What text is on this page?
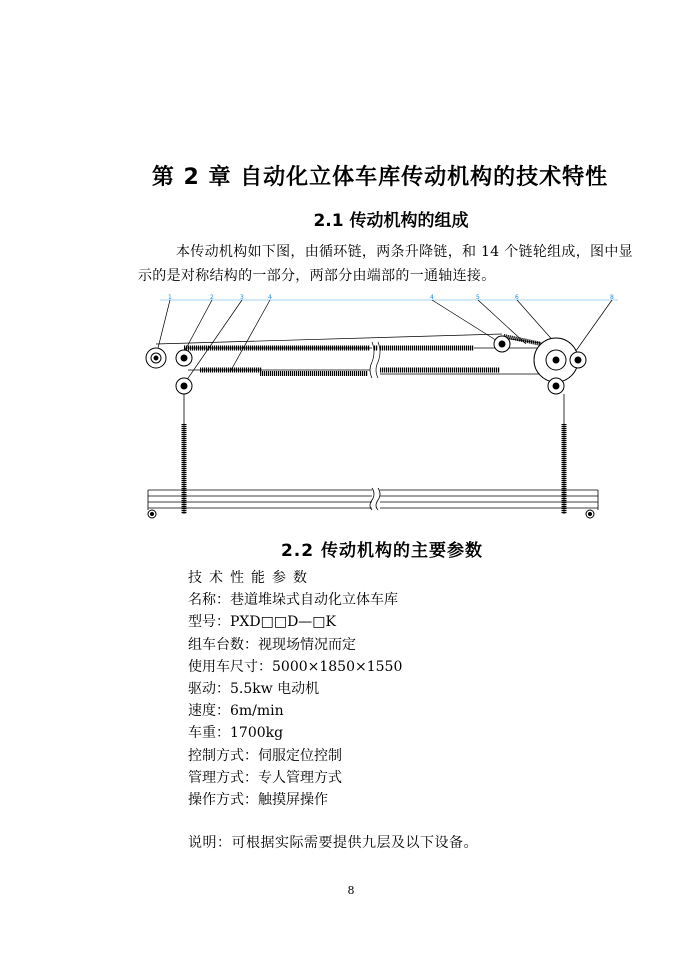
第 2 章 自动化立体车库传动机构的技术特性
2.1 传动机构的组成

本传动机构如下图，由循环链，两条升降链，和 14 个链轮组成，图中显示的是对称结构的一部分，两部分由端部的一通轴连接。

1	2	3	4	4	5	6	8
2.2 传动机构的主要参数
技术性能参数
名称：巷道堆垛式自动化立体车库
型号：PXD□□D—□K
组车台数：视现场情况而定
使用车尺寸：5000×1850×1550
驱动：5.5kw 电动机
速度：6m/min
车重：1700kg
控制方式：伺服定位控制
管理方式：专人管理方式
操作方式：触摸屏操作

说明：可根据实际需要提供九层及以下设备。

8
